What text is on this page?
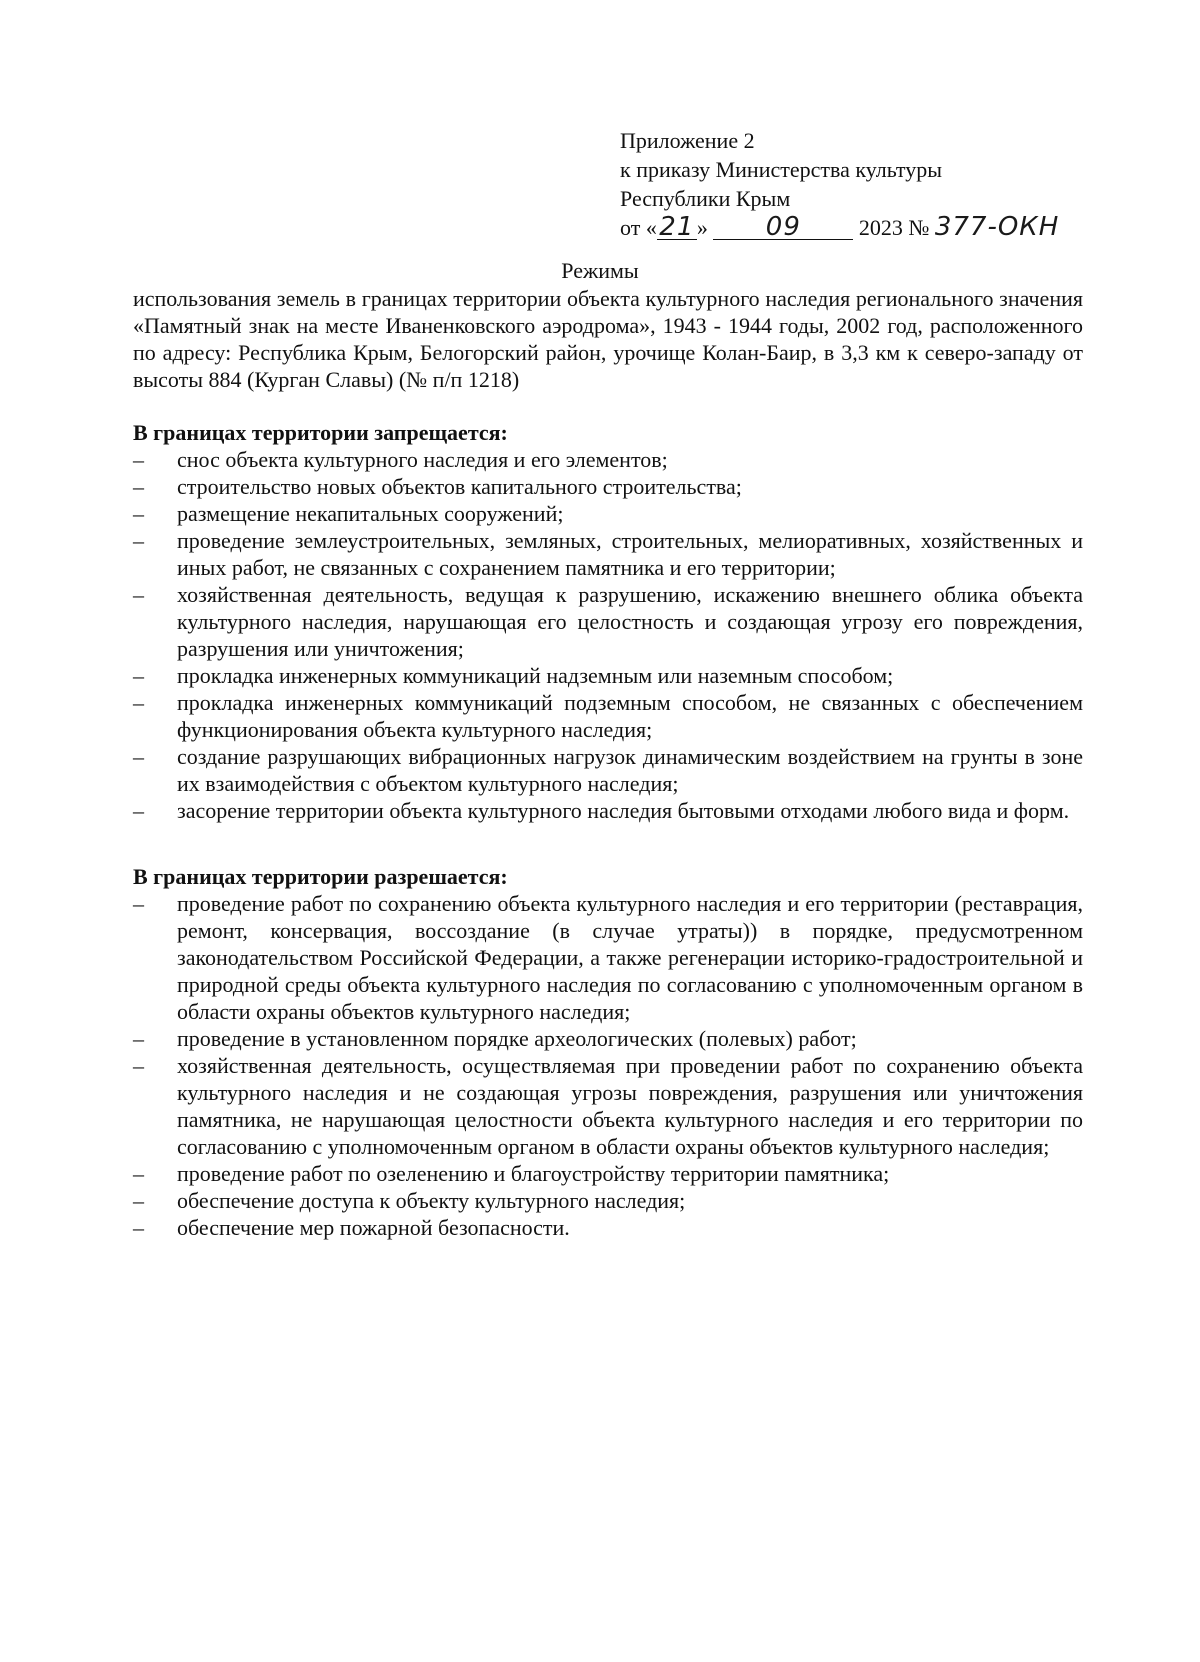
Приложение 2
к приказу Министерства культуры
Республики Крым
от «21 » 09	2023 № 377-ОКН
Режимы
использования земель в границах территории объекта культурного наследия регионального значения «Памятный знак на месте Иваненковского аэродрома», 1943 - 1944 годы, 2002 год, расположенного по адресу: Республика Крым, Белогорский район, урочище Колан-Баир, в 3,3 км к северо-западу от высоты 884 (Курган Славы) (№ п/п 1218)
В границах территории запрещается:
– снос объекта культурного наследия и его элементов;
– строительство новых объектов капитального строительства;
– размещение некапитальных сооружений;
– проведение землеустроительных, земляных, строительных, мелиоративных, хозяйственных и иных работ, не связанных с сохранением памятника и его территории;
– хозяйственная деятельность, ведущая к разрушению, искажению внешнего облика объекта культурного наследия, нарушающая его целостность и создающая угрозу его повреждения, разрушения или уничтожения;
– прокладка инженерных коммуникаций надземным или наземным способом;
– прокладка инженерных коммуникаций подземным способом, не связанных с обеспечением функционирования объекта культурного наследия;
– создание разрушающих вибрационных нагрузок динамическим воздействием на грунты в зоне их взаимодействия с объектом культурного наследия;
– засорение территории объекта культурного наследия бытовыми отходами любого вида и форм.
В границах территории разрешается:
– проведение работ по сохранению объекта культурного наследия и его территории (реставрация, ремонт, консервация, воссоздание (в случае утраты)) в порядке, предусмотренном законодательством Российской Федерации, а также регенерации историко-градостроительной и природной среды объекта культурного наследия по согласованию с уполномоченным органом в области охраны объектов культурного наследия;
– проведение в установленном порядке археологических (полевых) работ;
– хозяйственная деятельность, осуществляемая при проведении работ по сохранению объекта культурного наследия и не создающая угрозы повреждения, разрушения или уничтожения памятника, не нарушающая целостности объекта культурного наследия и его территории по согласованию с уполномоченным органом в области охраны объектов культурного наследия;
– проведение работ по озеленению и благоустройству территории памятника;
– обеспечение доступа к объекту культурного наследия;
– обеспечение мер пожарной безопасности.
